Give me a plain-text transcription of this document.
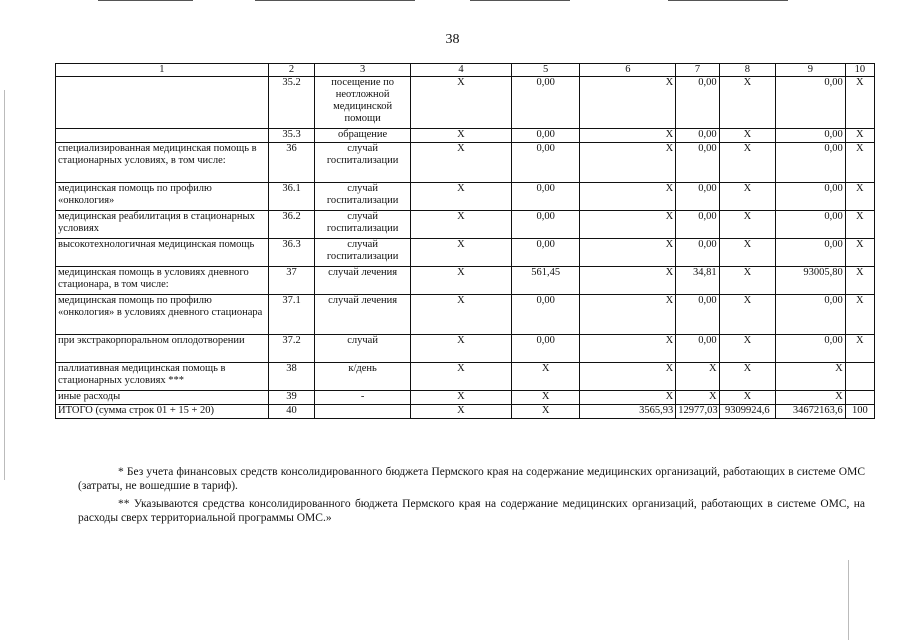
38
1	2	3	4	5	6	7	8	9	10
	35.2	посещение по неотложной медицинской помощи	Х	0,00	Х	0,00	Х	0,00	Х
	35.3	обращение	Х	0,00	Х	0,00	Х	0,00	Х
специализированная медицинская помощь в стационарных условиях, в том числе:	36	случай госпитализации	Х	0,00	Х	0,00	Х	0,00	Х
медицинская помощь по профилю «онкология»	36.1	случай госпитализации	Х	0,00	Х	0,00	Х	0,00	Х
медицинская реабилитация в стационарных условиях	36.2	случай госпитализации	Х	0,00	Х	0,00	Х	0,00	Х
высокотехнологичная медицинская помощь	36.3	случай госпитализации	Х	0,00	Х	0,00	Х	0,00	Х
медицинская помощь в условиях дневного стационара, в том числе:	37	случай лечения	Х	561,45	Х	34,81	Х	93005,80	Х
медицинская помощь по профилю «онкология» в условиях дневного стационара	37.1	случай лечения	Х	0,00	Х	0,00	Х	0,00	Х
при экстракорпоральном оплодотворении	37.2	случай	Х	0,00	Х	0,00	Х	0,00	Х
паллиативная медицинская помощь в стационарных условиях ***	38	к/день	Х	Х	Х	Х	Х	Х	
иные расходы	39	-	Х	Х	Х	Х	Х	Х	
ИТОГО (сумма строк 01 + 15 + 20)	40		Х	Х	3565,93	12977,03	9309924,6	34672163,6	100

* Без учета финансовых средств консолидированного бюджета Пермского края на содержание медицинских организаций, работающих в системе ОМС (затраты, не вошедшие в тариф).

** Указываются средства консолидированного бюджета Пермского края на содержание медицинских организаций, работающих в системе ОМС, на расходы сверх территориальной программы ОМС.»
